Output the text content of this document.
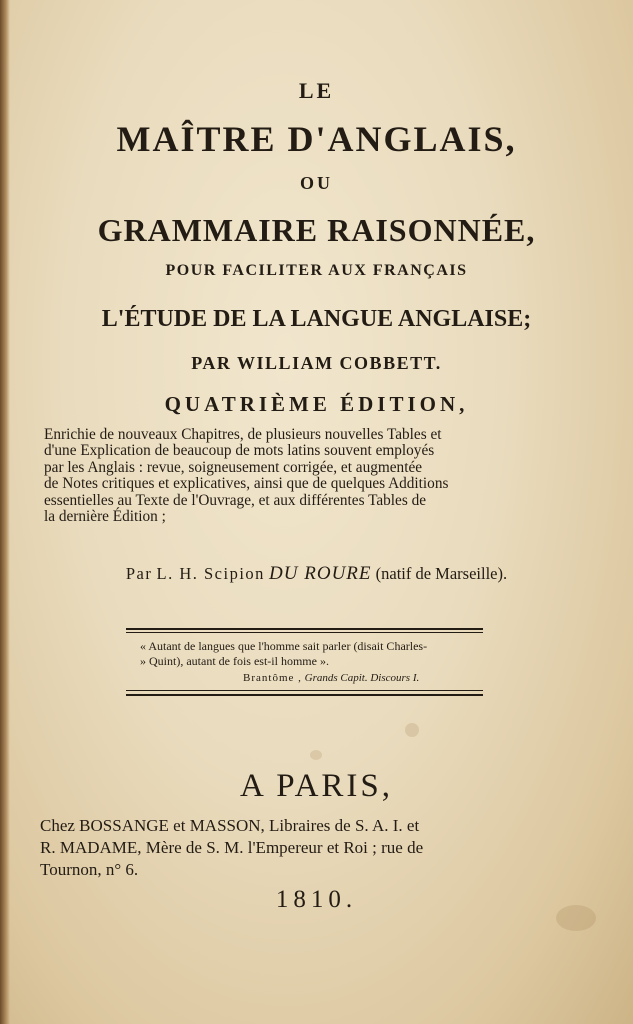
LE
MAÎTRE D'ANGLAIS,
OU
GRAMMAIRE RAISONNÉE,
POUR FACILITER AUX FRANÇAIS
L'ÉTUDE DE LA LANGUE ANGLAISE;
PAR WILLIAM COBBETT.
QUATRIÈME ÉDITION,
Enrichie de nouveaux Chapitres, de plusieurs nouvelles Tables et
d'une Explication de beaucoup de mots latins souvent employés
par les Anglais : revue, soigneusement corrigée, et augmentée
de Notes critiques et explicatives, ainsi que de quelques Additions
essentielles au Texte de l'Ouvrage, et aux différentes Tables de
la dernière Édition ;
Par L. H. Scipion DU ROURE (natif de Marseille).
« Autant de langues que l'homme sait parler (disait Charles-
» Quint), autant de fois est-il homme ».
Brantôme , Grands Capit. Discours I.
A PARIS,
Chez BOSSANGE et MASSON, Libraires de S. A. I. et
R. MADAME, Mère de S. M. l'Empereur et Roi ; rue de
Tournon, n° 6.
1810.
